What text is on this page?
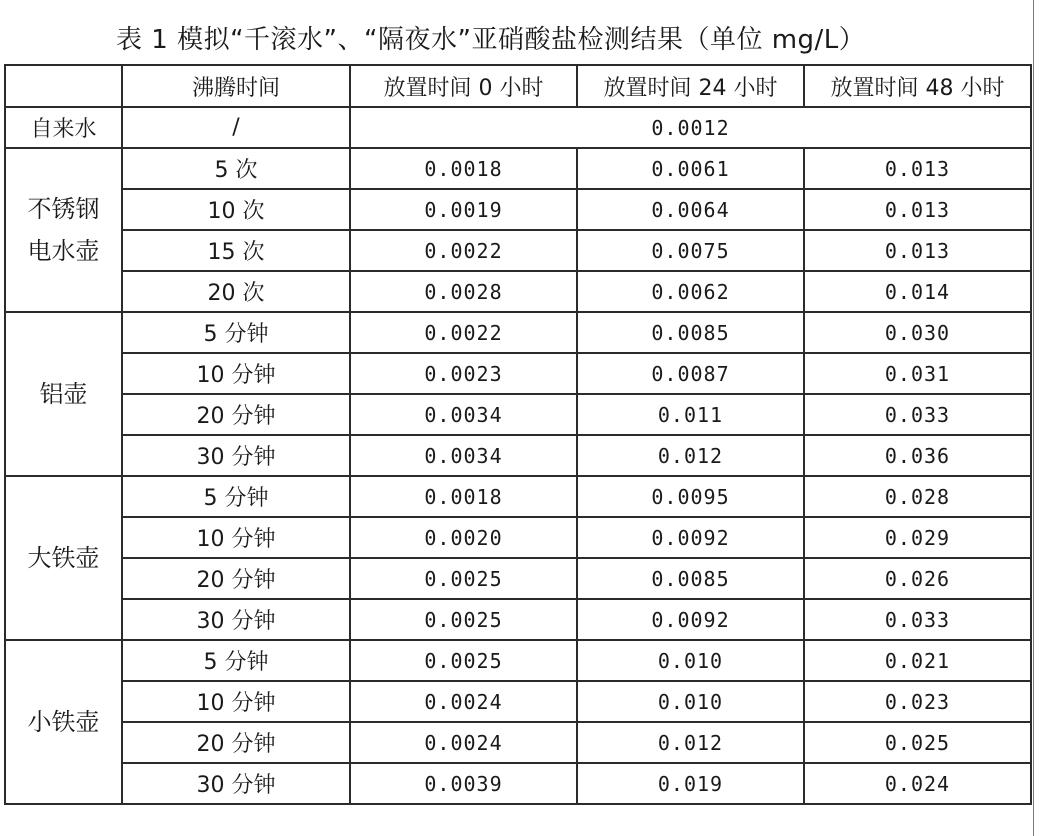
表 1 模拟“千滚水”、“隔夜水”亚硝酸盐检测结果（单位 mg/L）
	沸腾时间	放置时间 0 小时	放置时间 24 小时	放置时间 48 小时
自来水	/	0.0012		

不锈钢
电水壶	5 次	0.0018	0.0061	0.013
	10 次	0.0019	0.0064	0.013
	15 次	0.0022	0.0075	0.013
	20 次	0.0028	0.0062	0.014

铝壶	5 分钟	0.0022	0.0085	0.030
	10 分钟	0.0023	0.0087	0.031
	20 分钟	0.0034	0.011	0.033
	30 分钟	0.0034	0.012	0.036

大铁壶	5 分钟	0.0018	0.0095	0.028
	10 分钟	0.0020	0.0092	0.029
	20 分钟	0.0025	0.0085	0.026
	30 分钟	0.0025	0.0092	0.033

小铁壶	5 分钟	0.0025	0.010	0.021
	10 分钟	0.0024	0.010	0.023
	20 分钟	0.0024	0.012	0.025
	30 分钟	0.0039	0.019	0.024
